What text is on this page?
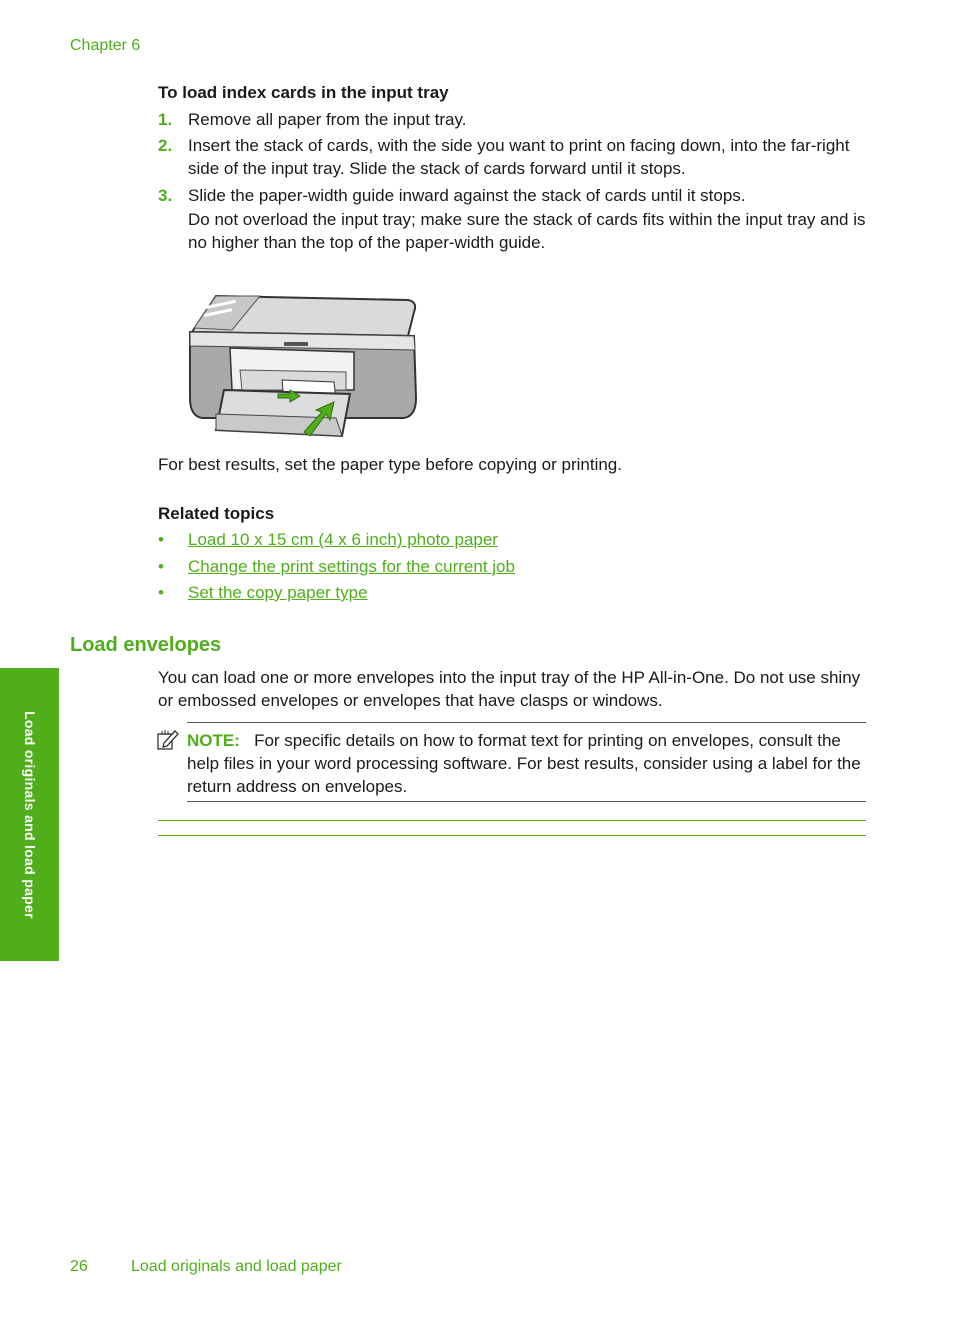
Chapter 6
To load index cards in the input tray
1. Remove all paper from the input tray.
2. Insert the stack of cards, with the side you want to print on facing down, into the far-right side of the input tray. Slide the stack of cards forward until it stops.
3. Slide the paper-width guide inward against the stack of cards until it stops.
Do not overload the input tray; make sure the stack of cards fits within the input tray and is no higher than the top of the paper-width guide.
For best results, set the paper type before copying or printing.
Related topics
• Load 10 x 15 cm (4 x 6 inch) photo paper
• Change the print settings for the current job
• Set the copy paper type
Load envelopes
You can load one or more envelopes into the input tray of the HP All-in-One. Do not use shiny or embossed envelopes or envelopes that have clasps or windows.
NOTE: For specific details on how to format text for printing on envelopes, consult the help files in your word processing software. For best results, consider using a label for the return address on envelopes.
Load originals and load paper
26	Load originals and load paper
